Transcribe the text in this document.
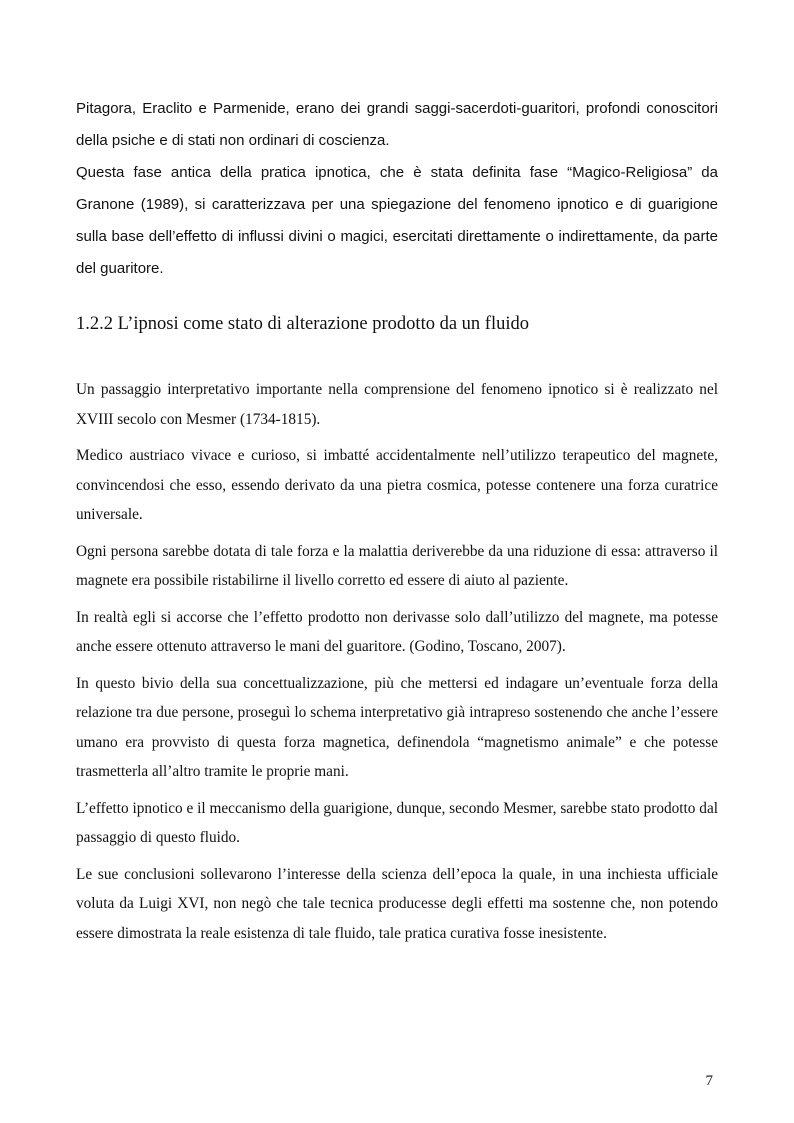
Pitagora, Eraclito e Parmenide, erano dei grandi saggi-sacerdoti-guaritori, profondi conoscitori della psiche e di stati non ordinari di coscienza.

Questa fase antica della pratica ipnotica, che è stata definita fase “Magico-Religiosa” da Granone (1989), si caratterizzava per una spiegazione del fenomeno ipnotico e di guarigione sulla base dell’effetto di influssi divini o magici, esercitati direttamente o indirettamente, da parte del guaritore.

1.2.2 L’ipnosi come stato di alterazione prodotto da un fluido

Un passaggio interpretativo importante nella comprensione del fenomeno ipnotico si è realizzato nel XVIII secolo con Mesmer (1734-1815).

Medico austriaco vivace e curioso, si imbatté accidentalmente nell’utilizzo terapeutico del magnete, convincendosi che esso, essendo derivato da una pietra cosmica, potesse contenere una forza curatrice universale.

Ogni persona sarebbe dotata di tale forza e la malattia deriverebbe da una riduzione di essa: attraverso il magnete era possibile ristabilirne il livello corretto ed essere di aiuto al paziente.

In realtà egli si accorse che l’effetto prodotto non derivasse solo dall’utilizzo del magnete, ma potesse anche essere ottenuto attraverso le mani del guaritore. (Godino, Toscano, 2007).

In questo bivio della sua concettualizzazione, più che mettersi ed indagare un’eventuale forza della relazione tra due persone, proseguì lo schema interpretativo già intrapreso sostenendo che anche l’essere umano era provvisto di questa forza magnetica, definendola “magnetismo animale” e che potesse trasmetterla all’altro tramite le proprie mani.

L’effetto ipnotico e il meccanismo della guarigione, dunque, secondo Mesmer, sarebbe stato prodotto dal passaggio di questo fluido.

Le sue conclusioni sollevarono l’interesse della scienza dell’epoca la quale, in una inchiesta ufficiale voluta da Luigi XVI, non negò che tale tecnica producesse degli effetti ma sostenne che, non potendo essere dimostrata la reale esistenza di tale fluido, tale pratica curativa fosse inesistente.

7
